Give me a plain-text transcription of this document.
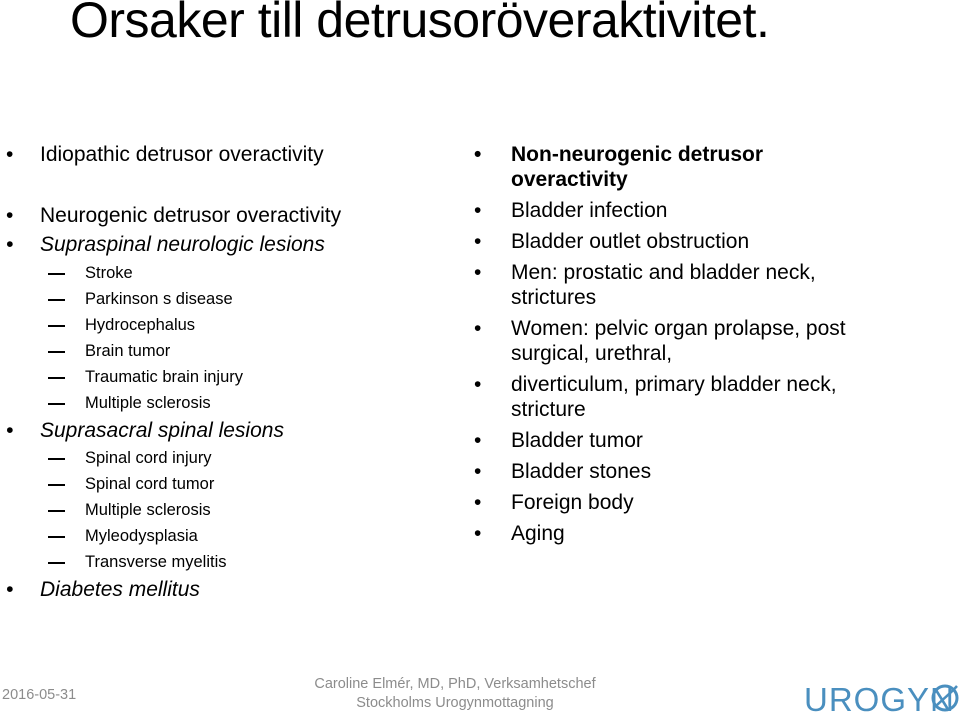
Orsaker till detrusoröveraktivitet.
• Idiopathic detrusor overactivity
• Neurogenic detrusor overactivity
• Supraspinal neurologic lesions
Stroke
Parkinson s disease
Hydrocephalus
Brain tumor
Traumatic brain injury
Multiple sclerosis
• Suprasacral spinal lesions
Spinal cord injury
Spinal cord tumor
Multiple sclerosis
Myleodysplasia
Transverse myelitis
• Diabetes mellitus
• Non-neurogenic detrusor overactivity
• Bladder infection
• Bladder outlet obstruction
• Men: prostatic and bladder neck, strictures
• Women: pelvic organ prolapse, post surgical, urethral,
• diverticulum, primary bladder neck, stricture
• Bladder tumor
• Bladder stones
• Foreign body
• Aging
2016-05-31
Caroline Elmér, MD, PhD, Verksamhetschef
Stockholms Urogynmottagning	UROGYN
